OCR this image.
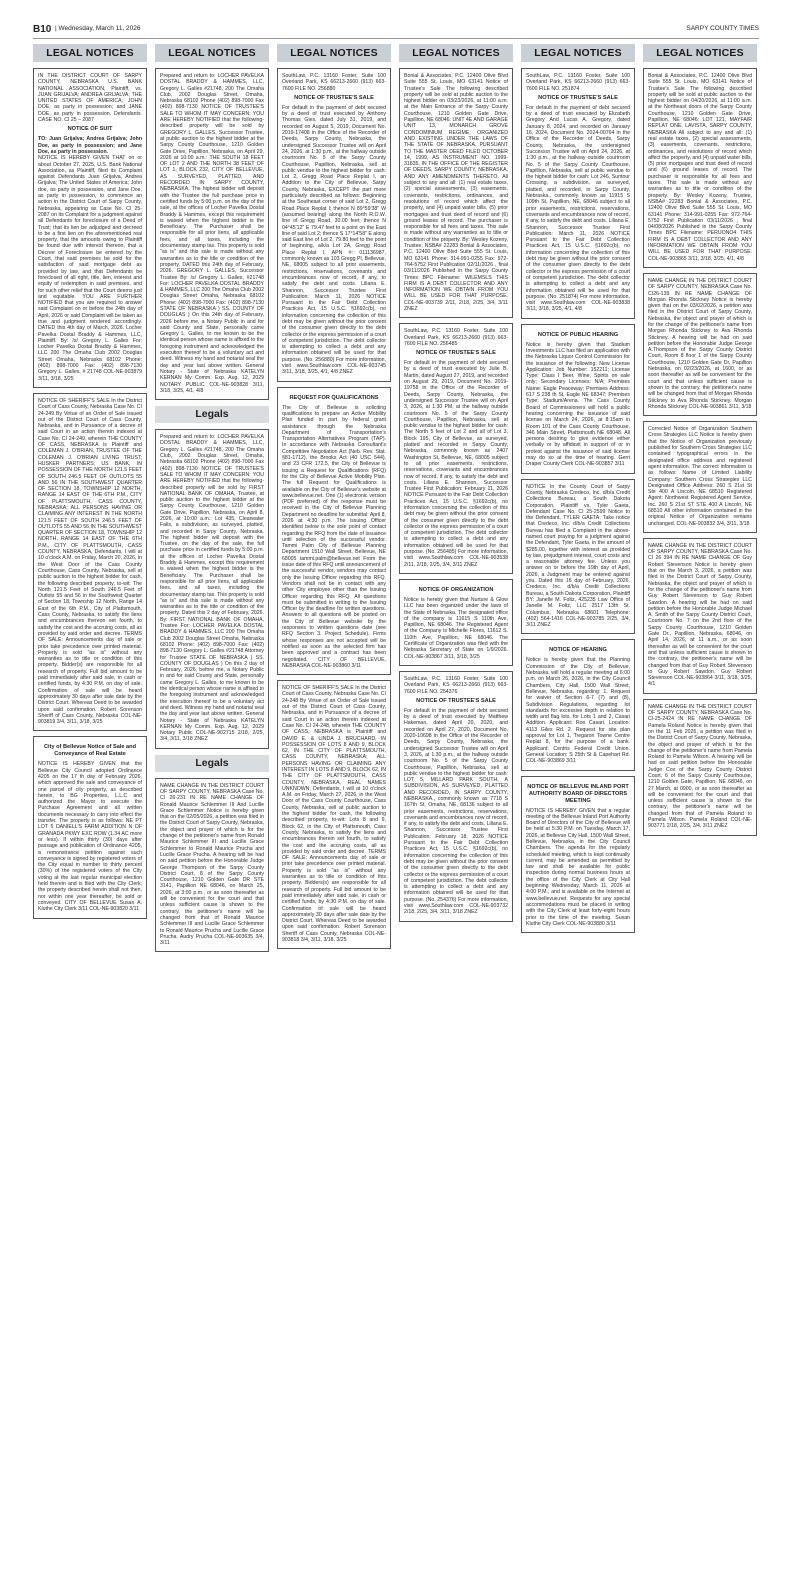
B10 | Wednesday, March 11, 2026	SARPY COUNTY TIMES
LEGAL NOTICES
IN THE DISTRICT COURT OF SARPY COUNTY, NEBRASKA U.S. BANK NATIONAL ASSOCIATION, Plaintiff, vs. JUAN GRIJALVA; ANDREA GRIJALVA; THE UNITED STATES OF AMERICA; JOHN DOE, as party in possession; and JANE DOE, as party in possession. Defendants. CASE NO. CI 25 – 2087
NOTICE OF SUIT
TO: Juan Grijalva; Andrea Grijalva; John Doe, as party in possession; and Jane Doe, as party in possession.
NOTICE IS HEREBY GIVEN THAT on or about October 27, 2025, U.S. Bank National Association, as Plaintiff, filed its Complaint against Defendants Juan Grijalva, Andrea Grijalva; The United States of America; John doe, as party in possession, and Jane Doe, as party in possession, to commence an action in the District Court of Sarpy County, Nebraska, appearing as Case No. CI 25-2087 on its Complaint for a judgment against all Defendants for foreclosure of a Deed of Trust; that its lien be adjudged and decreed to be a first lien on the aforementioned real property, that the amounts owing to Plaintiff be found due with interest thereon, that a Decree of Foreclosure be entered by the Court, that said premises be sold for the satisfaction of said mortgage debt as provided by law, and that Defendants be foreclosed of all right, title, lien, interest and equity of redemption in said premises, and for such other relief that the Court deems just and equitable. YOU ARE FURTHER NOTIFIED that you are required to answer said Complaint on or before the 24th day of April, 2026 or said Complaint will be taken as true and judgment rendered accordingly. DATED this 4th day of March, 2026. Locher Pavelka Dostal Braddy & Hammes, LLC, Plaintiff. By: /s/ Gregory L. Galles For: Locher Pavelka Dostal Braddy & Hammes, LLC 200 The Omaha Club 2002 Douglas Street Omaha, Nebraska 68102 Phone: (402) 898-7000 Fax: (402) 898-7130 Gregory L. Galles, # 21748 COL-NE-903879 3/11, 3/18, 3/25
NOTICE OF SHERIFF'S SALE In the District Court of Cass County, Nebraska Case No. CI 24-249 By Virtue of an Order of Sale issued out of the District Court of Cass County, Nebraska, and in Pursuance of a decree of said Court in an action therein indexed at Case No. CI 24-249, wherein THE COUNTY OF CASS, NEBRASKA is Plaintiff and COLEMAN J. O'BRIAN, TRUSTEE OF THE COLEMAN J. O'BRIAN LIVING TRUST; HUSKER PARTNERS; US BANK, IN POSSESSION OF THE NORTH 121.5 FEET OF SOUTH 246.5 FEET OF OUTLOTS 55 AND 56 IN THE SOUTHWEST QUARTER OF SECTION 18, TOWNSHIP 12 NORTH, RANGE 14 EAST OF THE 6TH P.M., CITY OF PLATTSMOUTH, CASS COUNTY, NEBRASKA; ALL PERSONS HAVING OR CLAIMING ANY INTEREST IN THE NORTH 121.5 FEET OF SOUTH 246.5 FEET OF OUTLOTS 55 AND 56 IN THE SOUTHWEST QUARTER OF SECTION 18, TOWNSHIP 12 NORTH, RANGE 14 EAST OF THE 6TH P.M., CITY OF PLATTSMOUTH, CASS COUNTY, NEBRASKA, Defendants, I will at 10 o'clock A.M. on Friday, March 20, 2026, in the West Door of the Cass County Courthouse, Cass County, Nebraska, sell at public auction to the highest bidder for cash, the following described property, to-wit: The North 121.5 Feet of South 246.5 Feet of Outlots 55 and 56 in the Southwest Quarter of Section 18, Township 12 North, Range 14 East of the 6th P.M., City of Plattsmouth, Cass County, Nebraska, to satisfy the liens and encumbrances thereon set fourth, to satisfy the cost and the accruing costs, all as provided by said order and decree. TERMS OF SALE: Announcements day of sale or prior take precedence over printed material. Property is sold "as is" without any warranties as to title or condition of this property. Bidder(s) are responsible for all research of property. Full bid amount to be paid immediately after said sale, in cash or certified funds, by 4:30 P.M. on day of sale. Confirmation of sale will be heard approximately 30 days after sale date by the District Court. Whereas Deed to be awarded upon said confirmation. Robert Sorenson Sheriff of Cass County, Nebraska COL-NE-903819 3/4, 3/11, 3/18, 3/25
City of Bellevue Notice of Sale and Conveyance of Real Estate
NOTICE IS HEREBY GIVEN that the Bellevue City Council adopted Ordinance 4205 on the 17 th day of February 2026, which approved the sale and conveyance of one parcel of city property, as described herein, to BG Properties, L.L.C and authorized the Mayor to execute the Purchase Agreement and all written documents necessary to carry into effect the transfer. The property is as follows: NE PT LOT 5 DANIELL'S FARM ADDITION N OF GRANADA PKWY EXC ROW (1.34 AC more or less). If within thirty (30) days after passage and publication of Ordinance 4205, a remonstrance petition against such conveyance is signed by registered voters of the City equal in number to thirty percent (30%) of the registered voters of the City voting at the last regular municipal election held therein and is filed with the City Clerk, the property described herein shall not then, nor within one year thereafter, be sold or conveyed. CITY OF BELLEVUE Susan A. Kluthe City Clerk 3/11 COL-NE-903820 3/11
LEGAL NOTICES
Prepared and return to: LOCHER PAVELKA DOSTAL BRADDY & HAMMES, LLC, Gregory L. Galles #21748, 200 The Omaha Club, 2002 Douglas Street, Omaha, Nebraska 68102 Phone (402) 898-7000 Fax (402) 898-7130 NOTICE OF TRUSTEE'S SALE TO WHOM IT MAY CONCERN: YOU ARE HEREBY NOTIFIED that the following-described property will be sold by GREGORY L. GALLES, Successor Trustee, at public auction to the highest bidder at the Sarpy County Courthouse, 1210 Golden Gate Drive, Papillion, Nebraska, on April 29, 2026 at 10:00 a.m.: THE SOUTH 18 FEET OF LOT 2 AND THE NORTH 38 FEET OF LOT 1, BLOCK 232, CITY OF BELLEVUE, AS SURVEYED, PLATTED, AND RECORDED IN SARPY COUNTY, NEBRASKA. The highest bidder will deposit with the Trustee the full purchase price in certified funds by 5:00 p.m. on the day of the sale, at the offices of Locher Pavelka Dostal Braddy & Hammes, except this requirement is waived when the highest bidder is the Beneficiary. The Purchaser shall be responsible for all prior liens, all applicable fees, and all taxes, including the documentary stamp tax. This property is sold "as is" and this sale is made without any warranties as to the title or condition of the property. DATED this 24th day of February, 2026. GREGORY L. GALLES, Successor Trustee By: /s/ Gregory L. Galles, #21748 For: LOCHER PAVELKA DOSTAL BRADDY & HAMMES, LLC 200 The Omaha Club 2002 Douglas Street Omaha, Nebraska 68102 Phone: (402) 898-7000 Fax: (402) 898-7130 STATE OF NEBRASKA ) SS. COUNTY OF DOUGLAS ) On this 24th day of February, 2026 before me, a Notary Public in and for said County and State, personally came Gregory L. Galles, to me known to be the identical person whose name is affixed to the foregoing instrument and acknowledged the execution thereof to be a voluntary act and deed. Witness my hand and notarial seal the day and year last above written. General Notary - State of Nebraska KATELYN KERNAN My Comm. Exp. Aug. 12, 2029 NOTARY PUBLIC COL-NE-903828 3/11, 3/18, 3/25, 4/1, 4/8
Legals
Prepared and return to: LOCHER PAVELKA DOSTAL BRADDY & HAMMES, LLC, Gregory L. Galles #21748, 200 The Omaha Club, 2002 Douglas Street, Omaha, Nebraska 68102 Phone (402) 898-7000 Fax (402) 898-7130 NOTICE OF TRUSTEE'S SALE TO WHOM IT MAY CONCERN: YOU ARE HEREBY NOTIFIED that the following-described property will be sold by FIRST NATIONAL BANK OF OMAHA, Trustee, at public auction to the highest bidder at the Sarpy County Courthouse, 1210 Golden Gate Drive, Papillion, Nebraska, on April 8, 2026, at 10:00 a.m.: Lot 435, Clearwater Falls, a subdivision, as surveyed, platted, and recorded in Sarpy County, Nebraska. The highest bidder will deposit with the Trustee, on the day of the sale, the full purchase price in certified funds by 5:00 p.m. at the offices of Locher Pavelka Dostal Braddy & Hammes, except this requirement is waived when the highest bidder is the Beneficiary. The Purchaser shall be responsible for all prior liens, all applicable fees, and all taxes, including the documentary stamp tax. This property is sold "as is" and this sale is made without any warranties as to the title or condition of the property. Dated this 2 day of February, 2026. By: FIRST NATIONAL BANK OF OMAHA, Trustee For: LOCHER PAVELKA DOSTAL BRADDY & HAMMES, LLC 200 The Omaha Club 2002 Douglas Street Omaha, Nebraska 68102 Phone: (402) 898-7000 Fax: (402) 898-7130 Gregory L. Galles #21748 Attorney for Trustee STATE OF NEBRASKA ) SS. COUNTY OF DOUGLAS ) On this 2 day of February, 2026, before me, a Notary Public in and for said County and State, personally came Gregory L. Galles, to me known to be the identical person whose name is affixed to the foregoing instrument and acknowledged the execution thereof to be a voluntary act and deed. Witness my hand and notarial seal the day and year last above written. General Notary - State of Nebraska KATELYN KERNAN My Comm. Exp. Aug. 12, 2029 Notary Public COL-NE-902715 2/18, 2/25, 3/4, 3/11, 3/18 ZNEZ
Legals
NAME CHANGE IN THE DISTRICT COURT OF SARPY COUNTY, NEBRASKA Case No. CI 26-231 IN RE NAME CHANGE OF Ronald Maurice Schlemmer III And Lucille Grace Schlemmer Notice is hereby given that on the 02/05/2026, a petition was filed in the District Court of Sarpy County, Nebraska, the object and prayer of which is for the change of the petitioner's name from Ronald Maurice Schlemmer III and Lucille Grace Schlemmer to Ronald Maurice Prucha and Lucille Grace Prucha. A hearing will be had on said petition before the Honorable Judge George Thompson of the Sarpy County District Court, 8 of the Sarpy County Courthouse, 1210 Golden Gate DR STE 3141, Papillion NE 68046, on March 25, 2026, at 3:00 p.m., or as soon thereafter as will be convenient for the court and that unless sufficient cause is shown to the contrary, the petitioner's name will be changed from that of Ronald Maurice Schlemmer III and Lucille Grace Schlemmer to Ronald Maurice Prucha and Lucille Grace Prucha. Audry Prucha COL-NE-903635 3/4, 3/11
LEGAL NOTICES
SouthLaw, P.C. 13160 Foster, Suite 100 Overland Park, KS 66213-2660 (913) 663-7600 FILE NO. 256880
NOTICE OF TRUSTEE'S SALE
For default in the payment of debt secured by a deed of trust executed by Anthony Thomas Gies, dated July 31, 2019, and recorded on August 5, 2019, Document No. 2019-17408 in the Office of the Recorder of Deeds, Sarpy County, Nebraska, the undersigned Successor Trustee will on April 24, 2026, at 1:30 p.m., at the hallway outside courtroom No. 5 of the Sarpy County Courthouse, Papillion, Nebraska, sell at public vendue to the highest bidder for cash: Lot 2, Gregg Road Place Replat I, an Addition to the City of Bellevue, Sarpy County, Nebraska, EXCEPT the part more particularly described as follows: Beginning at the Southeast corner of said Lot 2, Gregg Road Place Replat I; thence N 89°59'38" W (assumed bearing) along the North R.O.W. line of Gregg Road, 30.00 feet; thence N 04°45'12" E 79.47 feet to a point on the East line of said Lot 2; thence S 17°14'58" E along said East line of Lot 2, 79.80 feet to the point of beginning, a/k/a Lot 2A, Gregg Road Place Replat I, APN #: 011136987, commonly known as 103 Gregg Pl, Bellevue, NE, 68005 subject to all prior easements, restrictions, reservations, covenants and encumbrances now of record, if any, to satisfy the debt and costs. Liliana E. Shannon, Successor Trustee First Publication: March 11, 2026 NOTICE Pursuant to the Fair Debt Collection Practices Act, 15 U.S.C. §1692c(b), no information concerning the collection of this debt may be given without the prior consent of the consumer given directly to the debt collector or the express permission of a court of competent jurisdiction. The debt collector is attempting to collect a debt and any information obtained will be used for that purpose. (No. 256880) For more information, visit www.Southlaw.com COL-NE-903745 3/11, 3/18, 3/25, 4/1, 4/8 ZNEZ
REQUEST FOR QUALIFICATIONS
The City of Bellevue is soliciting qualifications to prepare an Active Mobility Plan funded in part by federal grant assistance through the Nebraska Department of Transportation's Transportation Alternatives Program (TAP). In accordance with Nebraska Consultant's Competitive Negotiation Act (Neb. Rev. Stat. §81-1712), the Brooks Act (40 USC 544), and 23 CFR 172.5, the City of Bellevue is issuing a Request for Qualifications (RFQ) for the City of Bellevue Active Mobility Plan. The full Request for Qualifications is available on the City of Bellevue's website at www.bellevue.net. One (1) electronic version (PDF preferred) of the response must be received in the City of Bellevue Planning Department no deadline for submittal: April 8, 2026 at 4:30 p.m. The issuing Officer identified below is the sole point of contact regarding the RFQ from the date of issuance until selection of the successful vendor. Tammi Palm City of Bellevue Planning Department 1510 Wall Street, Bellevue, NE 68005 tammi.palm@bellevue.net From the issue date of this RFQ until announcement of the successful vendor, vendors may contact only the Issuing Officer regarding this RFQ. Vendors shall not be in contact with any other City employee other than the Issuing Officer regarding this RFQ. All questions must be submitted in writing to the Issuing Officer by the deadline for written questions. Answers to all questions will be posted on the City of Bellevue website by the responses to written questions date (see RFQ Section 3. Project Schedule). Firms whose responses are not accepted will be notified as soon as the selected firm has been approved and a contract has been negotiated. CITY OF BELLEVUE, NEBRASKA COL-NE-903860 3/11
NOTICE OF SHERIFF'S SALE In the District Court of Cass County, Nebraska Case No. CI 24-248 By Virtue of an Order of Sale issued out of the District Court of Cass County, Nebraska, and in Pursuance of a decree of said Court in an action therein indexed at Case No. CI 24-248, wherein THE COUNTY OF CASS, NEBRASKA is Plaintiff and DAVID E. & LINDA J. BRUCHARD, IN POSSESSION OF LOTS 8 AND 9, BLOCK 62, IN THE CITY OF PLATTSMOUTH, CASS COUNTY, NEBRASKA; ALL PERSONS HAVING OR CLAIMING ANY INTEREST IN LOTS 8 AND 9, BLOCK 62, IN THE CITY OF PLATTSMOUTH, CASS COUNTY, NEBRASKA, REAL NAMES UNKNOWN, Defendants, I will at 10 o'clock A.M. on Friday, March 27, 2026, in the West Door of the Cass County Courthouse, Cass County, Nebraska, sell at public auction to the highest bidder for cash, the following described property, to-wit: Lots 8 and 9, Block 62, in the City of Plattsmouth, Cass County, Nebraska, to satisfy the liens and encumbrances therein set fourth, to satisfy the cost and the accruing costs, all as provided by said order and decree. TERMS OF SALE: Announcements day of sale or prior take precedence over printed material. Property is sold "as is" without any warranties as to title or condition of this property. Bidders(s) are responsible for all research of property. Full bid amount to be paid immediately after said sale, in cash or certified funds, by 4:30 P.M. on day of sale. Confirmation of sale will be heard approximately 30 days after sale date by the District Court. Whereas Deed to be awarded upon said confirmation. Robert Sorenson Sheriff of Cass County, Nebraska COL-NE-903818 3/4, 3/11, 3/18, 3/25
LEGAL NOTICES
Bonial & Associates, P.C. 12400 Olive Blvd Suite 555 St. Louis, MO 63141 Notice of Trustee's Sale The following described property will be sold at public auction to the highest bidder on 03/23/2026, at 11:00 a.m. at the Main Entrance of the Sarpy County Courthouse, 1210 Golden Gate Drive, Papillion, NE 68046: UNIT 4E AND GARAGE UNIT 13, MONARCH GROVE CONDOMINIUM REGIME, ORGANIZED AND EXISTING UNDER THE LAWS OF THE STATE OF NEBRASKA, PURSUANT TO THE MASTER DEED FILED OCTOBER 14, 1999, AS INSTRUMENT NO. 1999-31835, IN THE OFFICE OF THE REGISTER OF DEEDS, SARPY COUNTY, NEBRASKA, AND ANY AMENDMENTS THERETO. All subject to any and all: (1) real estate taxes, (2) special assessments, (3) easements, covenants, restrictions, ordinances, and resolutions of record which affect the property, and (4) unpaid water bills, (5) prior mortgages and trust deed of record and (6) ground leases of record. The purchaser is responsible for all fees and taxes. This sale is made without any warranties as to title or condition of the property. By: Wesley Kozeny, Trustee, NSBA# 22283 Bonial & Associates, P.C. 12400 Olive Blvd Suite 555 St. Louis, MO 63141 Phone: 314-991-0255 Fax: 972-764-5752 First Publication 02/11/2026 , final 03/11/2026 Published in the Sarpy County Times BPC Filename: WILEMSLS THIS FIRM IS A DEBT COLLECTOR AND ANY INFORMATION WE OBTAIN FROM YOU WILL BE USED FOR THAT PURPOSE. COL-NE-903739 2/11, 2/18, 2/25, 3/4, 3/11 ZNEZ
SouthLaw, P.C. 13160 Foster, Suite 100 Overland Park, KS 66213-2660 (913) 663-7600 FILE NO. 256485
NOTICE OF TRUSTEE'S SALE
For default in the payment of debt secured by a deed of trust executed by Julie B. Martin, dated August 27, 2019, and recorded on August 29, 2019, Document No. 2019-19758 in the Office of the Recorder of Deeds, Sarpy County, Nebraska, the undersigned Successor Trustee will on April 3, 2026, at 1:30 PM, at the hallway outside courtroom No. 5 of the Sarpy County Courthouse, Papillion, Nebraska, sell at public vendue to the highest bidder for cash: The North 5 feet of Lot 2 and all of Lot 3, Block 195, City of Bellevue, as surveyed, platted and recorded in Sarpy County, Nebraska, commonly known as 2407 Washington St, Bellevue, NE, 68005 subject to all prior easements, restrictions, reservations, covenants and encumbrances now of record, if any, to satisfy the debt and costs. Liliana E. Shannon, Successor Trustee First Publication: February 11, 2026 NOTICE Pursuant to the Fair Debt Collection Practices Act, 15 U.S.C. §1692c(b), no information concerning the collection of this debt may be given without the prior consent of the consumer given directly to the debt collector or the express permission of a court of competent jurisdiction. The debt collector is attempting to collect a debt and any information obtained will be used for that purpose. (No. 256485) For more information, visit www.Southlaw.com COL-NE-903538 2/11, 2/18, 2/25, 3/4, 3/11 ZNEZ
NOTICE OF ORGANIZATION
Notice is hereby given that Nurture & Glow LLC has been organized under the laws of the State of Nebraska. The designated office of the company is 11615 S 110th Ave, Papillion, NE 68046. The Registered Agent of the Company is Michelle Flores, 11612 S. 110th Ave, Papillion, NE 68046. The Certificate of Organization was filed with the Nebraska Secretary of State on 1/9/2026. COL-NE-903867 3/11, 3/18, 3/25
SouthLaw, P.C. 13160 Foster, Suite 100 Overland Park, KS 66213-2660 (913) 663-7600 FILE NO. 254376
NOTICE OF TRUSTEE'S SALE
For default in the payment of debt secured by a deed of trust executed by Matthew Hakeman, dated April 20, 2020, and recorded on April 27, 2020, Document No. 2020-10698 in the Office of the Recorder of Deeds, Sarpy County, Nebraska, the undersigned Successor Trustee will on April 3, 2026, at 1:30 p.m., at the hallway outside courtroom No. 5 of the Sarpy County Courthouse, Papillion, Nebraska, sell at public vendue to the highest bidder for cash: LOT 5, MILLARD PARK SOUTH, A SUBDIVISION, AS SURVEYED, PLATTED AND RECORDED, IN SARPY COUNTY, NEBRASKA., commonly known as 7718 S 167th St, Omaha, NE, 68136 subject to all prior easements, restrictions, reservations, covenants and encumbrances now of record, if any, to satisfy the debt and costs. Liliana E. Shannon, Successor Trustee First Publication: February 18, 2026 NOTICE Pursuant to the Fair Debt Collection Practices Act, 15 U.S.C. §1692c(b), no information concerning the collection of this debt may be given without the prior consent of the consumer given directly to the debt collector or the express permission of a court of competent jurisdiction. The debt collector is attempting to collect a debt and any information obtained will be used for that purpose. (No. 254376) For more information, visit www.Southlaw.com COL-NE-903732 2/18, 2/25, 3/4, 3/11, 3/18 ZNEZ
LEGAL NOTICES
SouthLaw, P.C. 13160 Foster, Suite 100 Overland Park, KS 66213-2660 (913) 663-7600 FILE NO. 251874
NOTICE OF TRUSTEE'S SALE
For default in the payment of debt secured by a deed of trust executed by Elizabeth Gregory And Lucas A. Gregory, dated January 8, 2024, and recorded on January 16, 2024, Document No. 2024-00764 in the Office of the Recorder of Deeds, Sarpy County, Nebraska, the undersigned Successor Trustee will on April 24, 2026, at 1:30 p.m., at the hallway outside courtroom No. 5 of the Sarpy County Courthouse, Papillion, Nebraska, sell at public vendue to the highest bidder for cash: Lot 246, Suntour Crossing, a subdivision, as surveyed, platted, and recorded, in Sarpy County, Nebraska., commonly known as 11915 S 109th St, Papillion, NE, 68046 subject to all prior easements, restrictions, reservations, covenants and encumbrances now of record, if any, to satisfy the debt and costs. Liliana E. Shannon, Successor Trustee First Publication: March 11, 2026 NOTICE Pursuant to the Fair Debt Collection Practices Act, 15 U.S.C. §1692c(b), no information concerning the collection of this debt may be given without the prior consent of the consumer given directly to the debt collector or the express permission of a court of competent jurisdiction. The debt collector is attempting to collect a debt and any information obtained will be used for that purpose. (No. 251874) For more information, visit www.Southlaw.com COL-NE-903838 3/11, 3/18, 3/25, 4/1, 4/8
NOTICE OF PUBLIC HEARING
Notice is hereby given that Stadium Investments LLC has filed an application with the Nebraska Liquor Control Commission for the issuance of the following: New License Application: Job Number: 152211; License Type: Class I Beer, Wine, Spirits on sale only; Secondary Licenses: N/A; Premises Name: Eagle Peaceway; Premises Address: 617 S 238 th St, Eagle NE 68347; Premises Type: Stadium/Arena. The Cass County Board of Commissioners will hold a public hearing concerning the issuance of said license on March 24, 2026, at 8:15am in Room 101 of the Cass County Courthouse, 346 Main Street, Plattsmouth NE 68048. All persons desiring to give evidence either verbally or by affidavit in support of or in protest against the issuance of said license may do so at the time of hearing. Gerri Draper County Clerk COL-NE-903857 3/11
NOTICE In the County Court of Sarpy County, Nebraska Credeco, Inc. d/b/a Credit Collections Bureau, a South Dakota Corporation, Plaintiff vs. Tyler Gaeta, Defendant Case No. CI 25-2599 Notice to the Defendant, TYLER GAETA: Take notice that Credeco, Inc. d/b/a Credit Collections Bureau has filed a Complaint in the above-named court praying for a judgment against the Defendant, Tyler Gaeta, in the amount of $285.00, together with interest as provided by law, prejudgment interest, court costs and a reasonable attorney fee. Unless you answer on or before the 19th day of April, 2026, a Judgment may be entered against you. Dated this 16 day of February, 2026. Credeco, Inc. d/b/a Credit Collections Bureau, a South Dakota Corporation, Plaintiff BY: Janelle M. Foltz, 425235 Law Office of Janelle M. Foltz, LLC 2517 13th St. Columbus, Nebraska 68601 Telephone: (402) 564-1416 COL-NE-903785 2/25, 3/4, 3/11 ZNEZ
NOTICE OF HEARING
Notice is hereby given that the Planning Commission of the City of Bellevue, Nebraska, will hold a regular meeting at 6:00 p.m. on March 26, 2026, in the City Council Chambers, City Hall, 1500 Wall Street, Bellevue, Nebraska, regarding: 1. Request for waiver of Section 6-7 (7) and (8), Subdivision Regulations, regarding lot standards for excessive depth in relation to width and flag lots, for Lots 1 and 2, Casari Addition. Applicant: Ron Casari. Location: 4113 Giles Rd. 2. Request for site plan approval for Lot 1, Tregaron Towne Centre Replat 8, for the purpose of a bank. Applicant: Centris Federal Credit Union. General Location: S 25th St & Capehart Rd. COL-NE-903869 3/11
NOTICE OF BELLEVUE INLAND PORT AUTHORITY BOARD OF DIRECTORS MEETING
NOTICE IS HEREBY GIVEN that a regular meeting of the Bellevue Inland Port Authority Board of Directors of the City of Bellevue will be held at 5:30 P.M. on Tuesday, March 17, 2026, at Bellevue City Hall, 1500 Wall Street, Bellevue, Nebraska, in the City Council Chambers. The agenda for the regularly scheduled meeting, which is kept continually current, may be amended as permitted by law and shall be available for public inspection during normal business hours at the office of the City Clerk at City Hall beginning Wednesday, March 11, 2026 at 4:00 P.M., and is available on the Internet at www.bellevue.net. Requests for any special accommodations must be placed in writing with the City Clerk at least forty-eight hours prior to the time of the meeting. Susan Kluthe City Clerk COL-NE-903880 3/11
LEGAL NOTICES
Bonial & Associates, P.C. 12400 Olive Blvd Suite 555 St. Louis, MO 63141 Notice of Trustee's Sale The following described property will be sold at public auction to the highest bidder on 04/20/2026, at 11:00 a.m. at the Northeast doors of the Sarpy County Courthouse, 1210 Golden Gate Drive, Papillion, NE 68046: LOT 121, MAYFAIR REPLAT ONE, LAVISTA, SARPY COUNTY, NEBRASKA All subject to any and all: (1) real estate taxes, (2) special assessments, (3) easements, covenants, restrictions, ordinances, and resolutions of record which affect the property, and (4) unpaid water bills, (5) prior mortgages and trust deed of record and (6) ground leases of record. The purchaser is responsible for all fees and taxes. This sale is made without any warranties as to title or condition of the property. By: Wesley Kozeny, Trustee, NSBA# 22283 Bonial & Associates, P.C. 12400 Olive Blvd Suite 555 St. Louis, MO 63141 Phone: 314-991-0255 Fax: 972-764-5752 First Publication 03/11/2026 , final 04/08/2026 Published in the Sarpy County Times BPC Filename: PERUONO4 THIS FIRM IS A DEBT COLLECTOR AND ANY INFORMATION WE OBTAIN FROM YOU WILL BE USED FOR THAT PURPOSE. COL-NE-903865 3/11, 3/18, 3/25, 4/1, 4/8
NAME CHANGE IN THE DISTRICT COURT OF SARPY COUNTY, NEBRASKA Case No. CI26-139 IN RE NAME CHANGE OF Morgan Rhonda Stickney Notice is hereby given that on the 03/02/2026, a petition was filed in the District Court of Sarpy County, Nebraska, the object and prayer of which is for the change of the petitioner's name from Morgan Rhonda Stickney to Ava Rhonda Stickney. A hearing will be had on said petition before the Honorable Judge George A.Thompson of the Sarpy County District Court, Room 8 floor 1 of the Sarpy County Courthouse, 1210 Golden Gate Dr, Papillion Nebraska, on 02/23/2026, at 1600, or as soon thereafter as will be convenient for the court and that unless sufficient cause is shown to the contrary, the petitioner's name will be changed from that of Morgan Rhonda Stickney to Ava Rhonda Stickney. Morgan Rhonda Stickney COL-NE-903861 3/11, 3/18
Corrected Notice of Organization Southern Cross Strategies LLC Notice is hereby given that the Notice of Organization previously published for Southern Cross Strategies LLC contained typographical errors in the designated office address and registered agent information. The correct information is as follows: Name of Limited Liability Company: Southern Cross Strategies LLC Designated Office Address: 260 S 21st St Ste 400 A Lincoln, NE 68510 Registered Agent: Northwest Registered Agent Service, Inc. 260 S 21st ST STE 400 A Lincoln, NE 68510 All other information contained in the original Notice of Organization remains unchanged. COL-NE-903832 3/4, 3/11, 3/18
NAME CHANGE IN THE DISTRICT COURT OF SARPY COUNTY, NEBRASKA Case No. CI 26 394 IN RE NAME CHANGE OF Guy Robert Stevenson Notice is hereby given that on the March 3, 2026, a petition was filed in the District Court of Sarpy County, Nebraska, the object and prayer of which is for the change of the petitioner's name from Guy Robert Stevenson to Guy Robert Sawdon. A hearing will be had on said petition before the Honorable Judge Michael A. Smith of the Sarpy County District Court, Courtroom No. 7 on the 2nd floor of the Sarpy County Courthouse, 1210 Golden Gate Dr., Papillion, Nebraska, 68046, on April 14, 2026, at 11 a.m., or as soon thereafter as will be convenient for the court and that unless sufficient cause is shown to the contrary, the petitioner's name will be changed from that of Guy Robert Stevenson to Guy Robert Sawdon. Guy Robert Stevenson COL-NE-903864 3/11, 3/18, 3/25, 4/1
NAME CHANGE IN THE DISTRICT COURT OF SARPY COUNTY, NEBRASKA Case No. CI-25-2424 IN RE NAME CHANGE OF Pamela Roland Notice is hereby given that on the 11 Feb 2026, a petition was filed in the District Court of Sarpy County, Nebraska, the object and prayer of which is for the change of the petitioner's name from Pamela Roland to Pamela Wilson. A hearing will be had on said petition before the Honorable Judge Cox of the Sarpy County District Court, 6 of the Sarpy County Courthouse, 1210 Golden Gate, Papillion, NE 68046, on 27 March, at 0900, or as soon thereafter as will be convenient for the court and that unless sufficient cause is shown to the contrary, the petitioner's name will be changed from that of Pamela Roland to Pamela Wilson. Pamela Roland COL-NE-903771 2/18, 2/25, 3/4, 3/11 ZNEZ
